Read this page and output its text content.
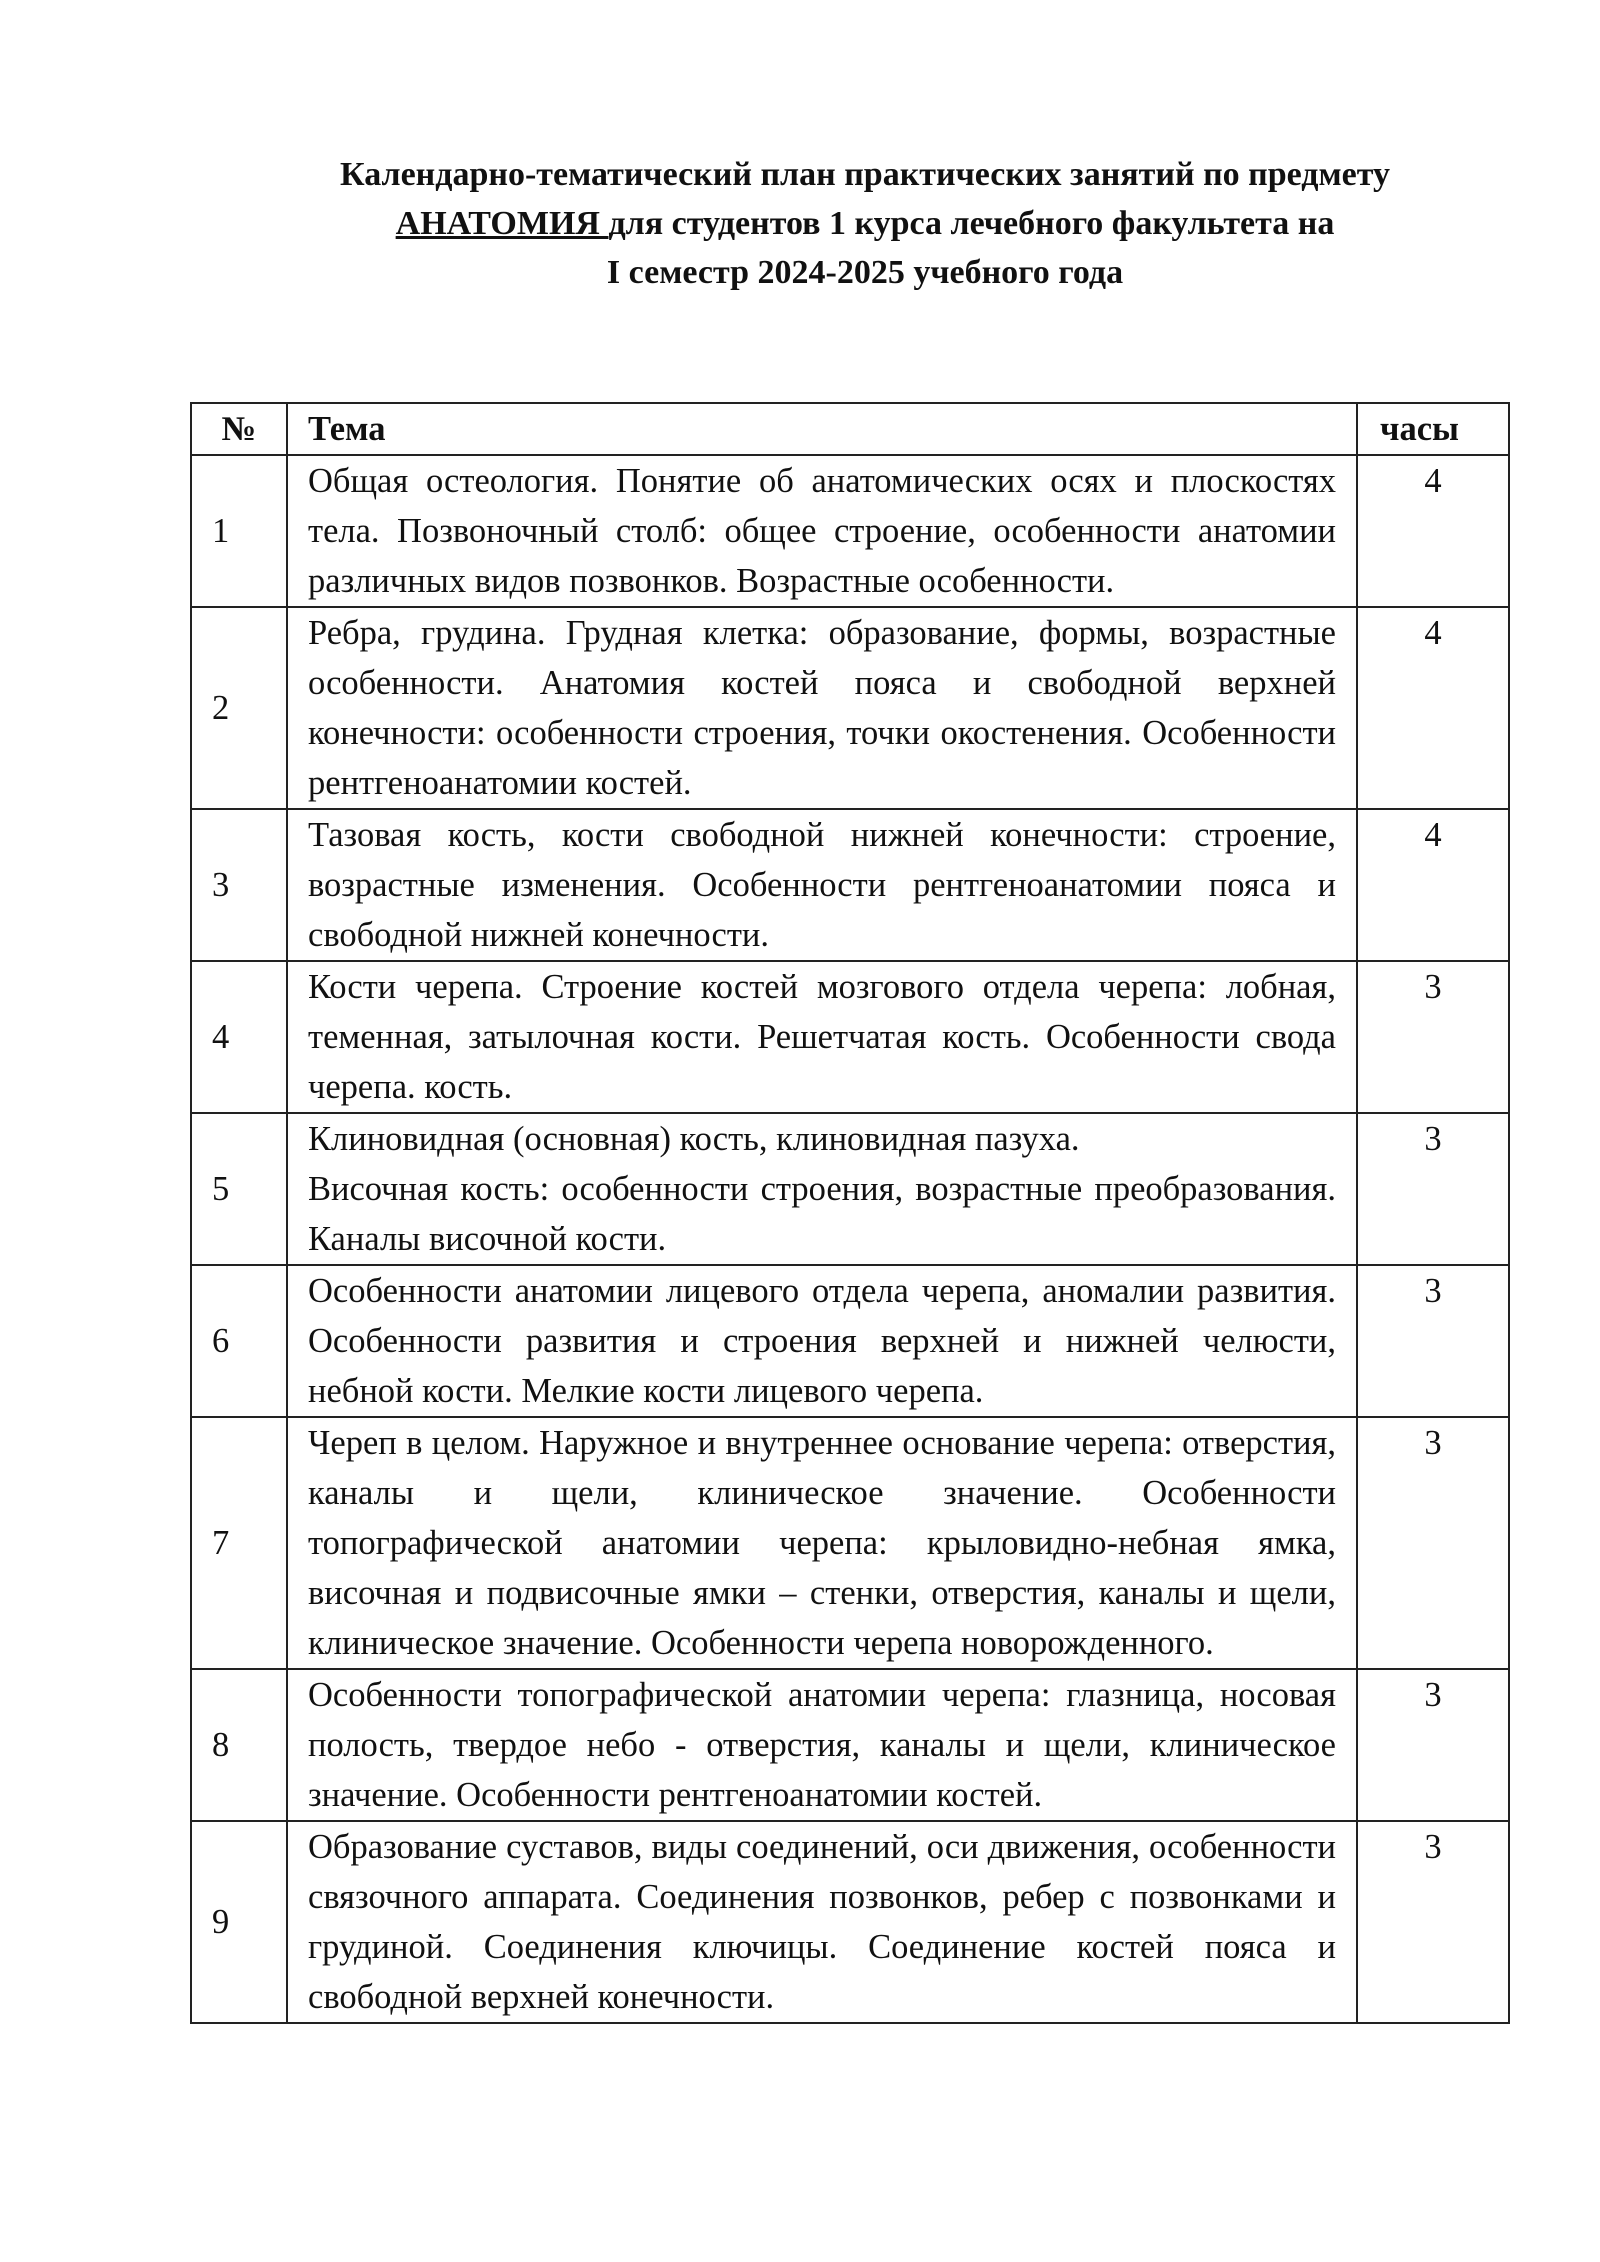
Календарно-тематический план практических занятий по предмету
АНАТОМИЯ для студентов 1 курса лечебного факультета на
I семестр 2024-2025 учебного года
№	Тема	часы
1	Общая остеология. Понятие об анатомических осях и плоскостях тела. Позвоночный столб: общее строение, особенности анатомии различных видов позвонков. Возрастные особенности.	4
2	Ребра, грудина. Грудная клетка: образование, формы, возрастные особенности. Анатомия костей пояса и свободной верхней конечности: особенности строения, точки окостенения. Особенности рентгеноанатомии костей.	4
3	Тазовая кость, кости свободной нижней конечности: строение, возрастные изменения. Особенности рентгеноанатомии пояса и свободной нижней конечности.	4
4	Кости черепа. Строение костей мозгового отдела черепа: лобная, теменная, затылочная кости. Решетчатая кость. Особенности свода черепа. кость.	3
5	Клиновидная (основная) кость, клиновидная пазуха.
Височная кость: особенности строения, возрастные преобразования. Каналы височной кости.	3
6	Особенности анатомии лицевого отдела черепа, аномалии развития. Особенности развития и строения верхней и нижней челюсти, небной кости. Мелкие кости лицевого черепа.	3
7	Череп в целом. Наружное и внутреннее основание черепа: отверстия, каналы и щели, клиническое значение. Особенности топографической анатомии черепа: крыловидно-небная ямка, височная и подвисочные ямки – стенки, отверстия, каналы и щели, клиническое значение. Особенности черепа новорожденного.	3
8	Особенности топографической анатомии черепа: глазница, носовая полость, твердое небо - отверстия, каналы и щели, клиническое значение. Особенности рентгеноанатомии костей.	3
9	Образование суставов, виды соединений, оси движения, особенности связочного аппарата. Соединения позвонков, ребер с позвонками и грудиной. Соединения ключицы. Соединение костей пояса и свободной верхней конечности.	3
